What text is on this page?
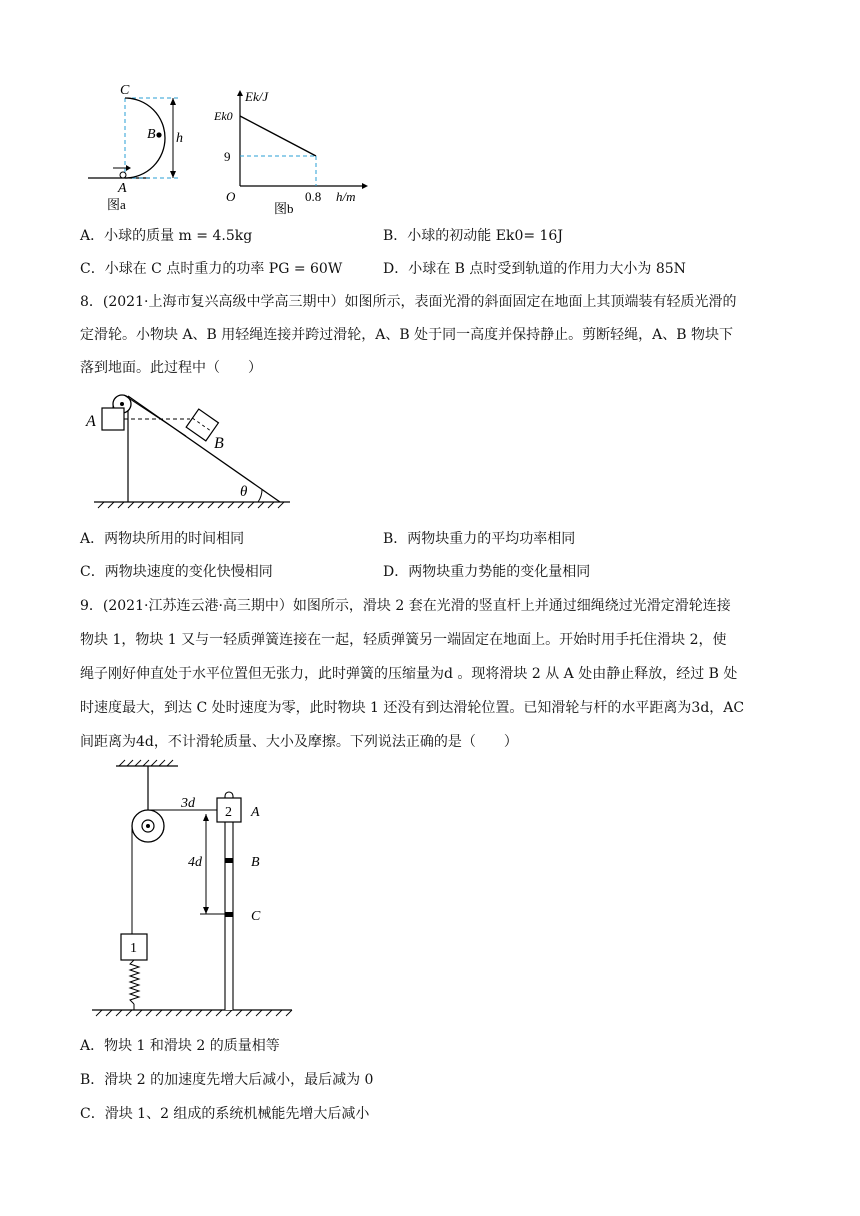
C
B h
A
图a
Ek/J
Ek0
9
O	0.8 h/m
图b
A．小球的质量 m = 4.5kg	B．小球的初动能 Ek0= 16J
C．小球在 C 点时重力的功率 PG = 60W	D．小球在 B 点时受到轨道的作用力大小为 85N
8．(2021·上海市复兴高级中学高三期中）如图所示，表面光滑的斜面固定在地面上其顶端装有轻质光滑的
定滑轮。小物块 A、B 用轻绳连接并跨过滑轮，A、B 处于同一高度并保持静止。剪断轻绳，A、B 物块下
落到地面。此过程中（　　）
A
B
θ
A．两物块所用的时间相同	B．两物块重力的平均功率相同
C．两物块速度的变化快慢相同	D．两物块重力势能的变化量相同
9．(2021·江苏连云港·高三期中）如图所示，滑块 2 套在光滑的竖直杆上并通过细绳绕过光滑定滑轮连接
物块 1，物块 1 又与一轻质弹簧连接在一起，轻质弹簧另一端固定在地面上。开始时用手托住滑块 2，使
绳子刚好伸直处于水平位置但无张力，此时弹簧的压缩量为d 。现将滑块 2 从 A 处由静止释放，经过 B 处
时速度最大，到达 C 处时速度为零，此时物块 1 还没有到达滑轮位置。已知滑轮与杆的水平距离为3d，AC
间距离为4d，不计滑轮质量、大小及摩擦。下列说法正确的是（　　）
3d
4d
2
1
A
B
C
A．物块 1 和滑块 2 的质量相等
B．滑块 2 的加速度先增大后减小，最后减为 0
C．滑块 1、2 组成的系统机械能先增大后减小
